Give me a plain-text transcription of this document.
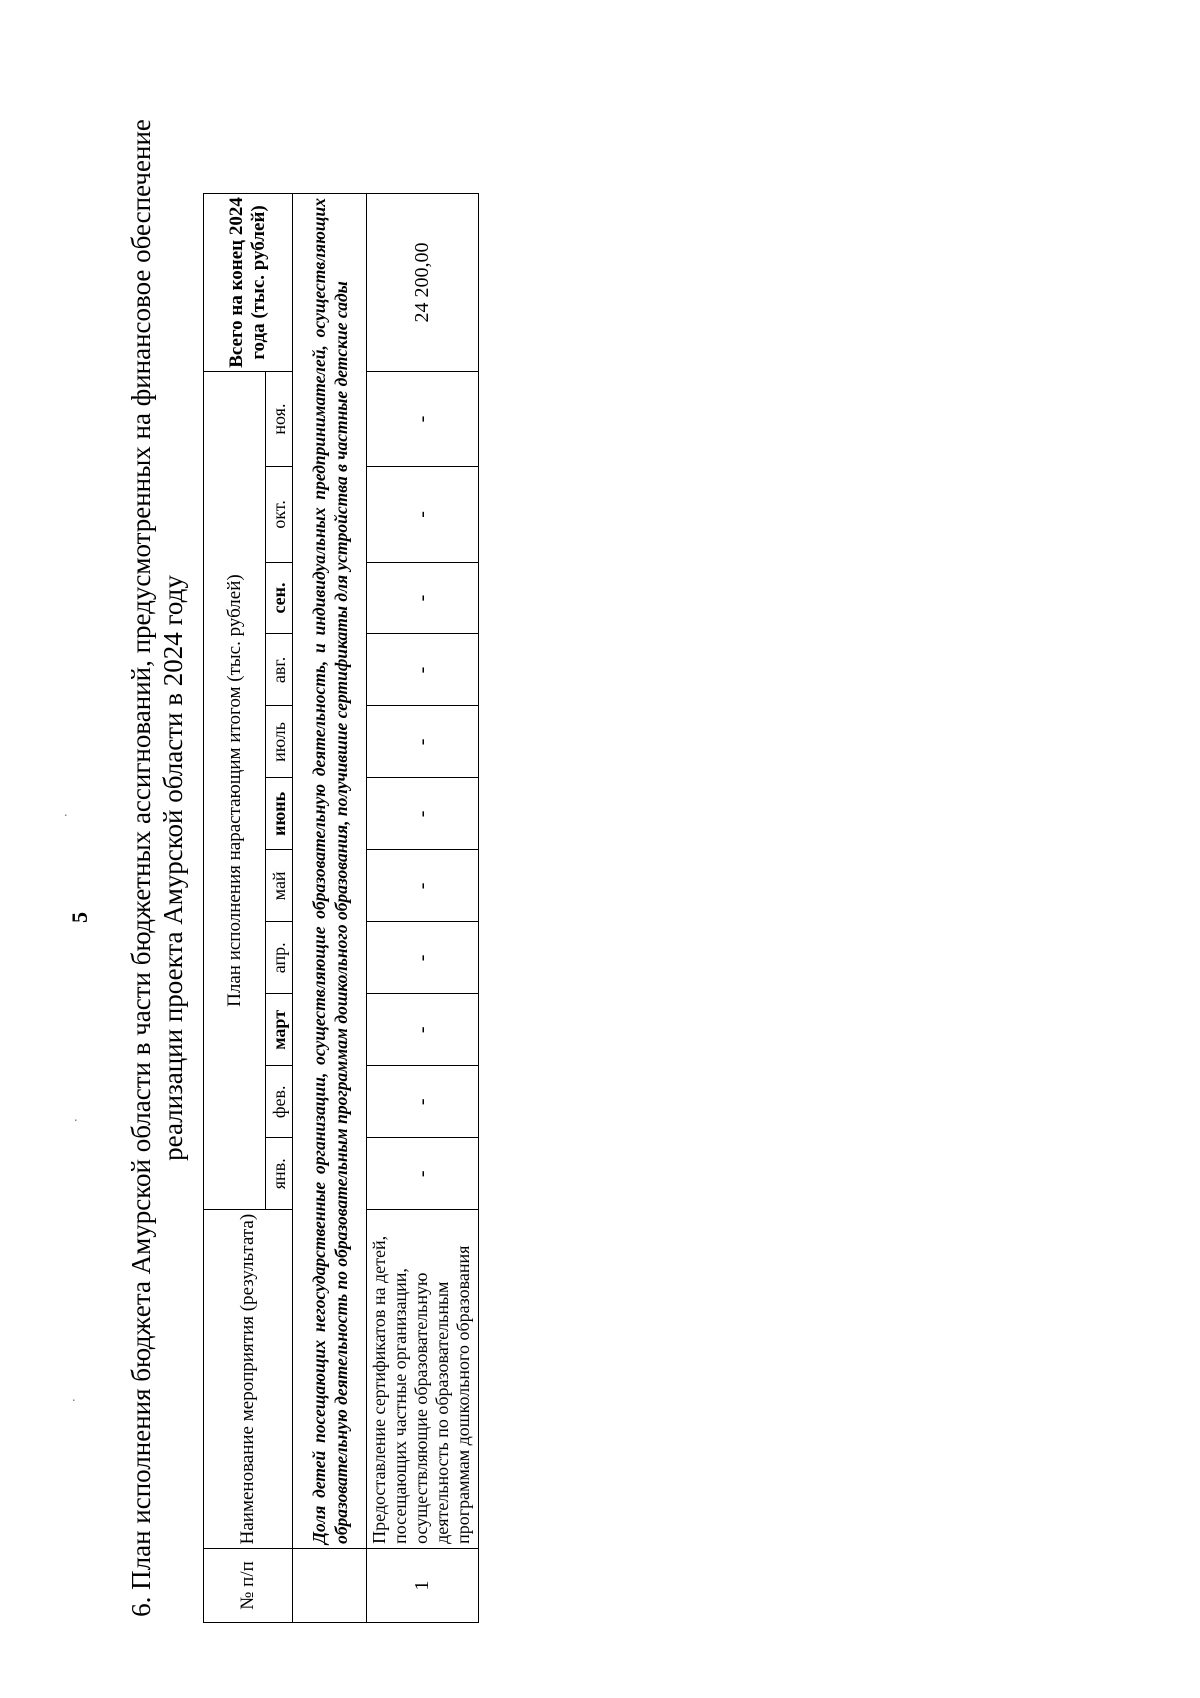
.
.
. 6. План исполнения бюджета Амурской области в части бюджетных ассигнований, предусмотренных на финансовое обеспечение реализации проекта Амурской области в 2024 году
5
№ п/п	Наименование мероприятия (результата)	План исполнения нарастающим итогом (тыс. рублей)											Всего на конец 2024 года (тыс. рублей)
		янв.	фев.	март	апр.	май	июнь	июль	авг.	сен.	окт.	ноя.	
	Доля детей посещающих негосударственные организации, осуществляющие образовательную деятельность, и индивидуальных предпринимателей, осуществляющих образовательную деятельность по образовательным программам дошкольного образования, получившие сертификаты для устройства в частные детские сады												
1	Предоставление сертификатов на детей, посещающих частные организации, осуществляющие образовательную деятельность по образовательным программам дошкольного образования	-	-	-	-	-	-	-	-	-	-	-	24 200,00
